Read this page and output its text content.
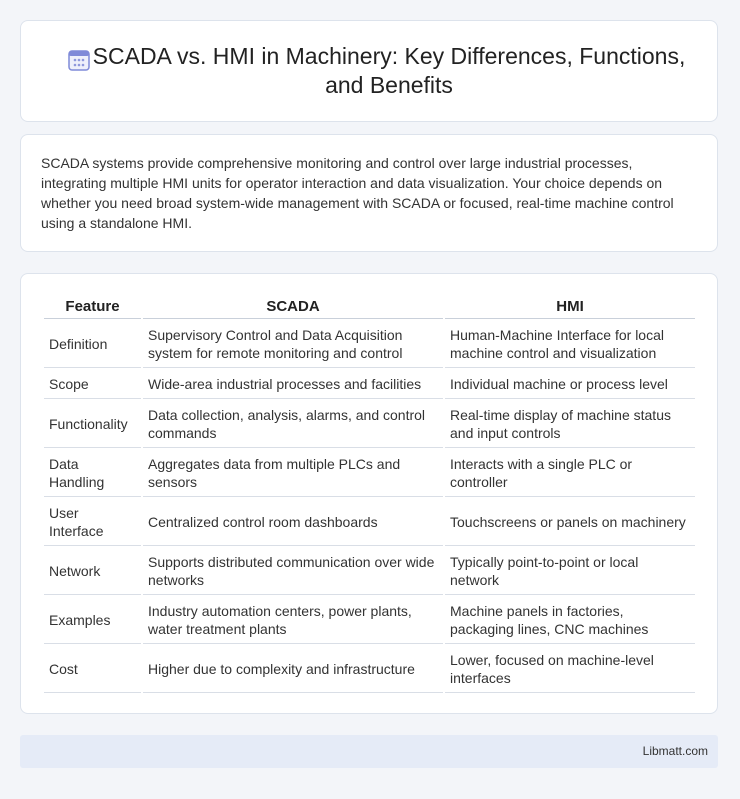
SCADA vs. HMI in Machinery: Key Differences, Functions, and Benefits

SCADA systems provide comprehensive monitoring and control over large industrial processes, integrating multiple HMI units for operator interaction and data visualization. Your choice depends on whether you need broad system-wide management with SCADA or focused, real-time machine control using a standalone HMI.

Feature	SCADA	HMI
Definition	Supervisory Control and Data Acquisition system for remote monitoring and control	Human-Machine Interface for local machine control and visualization
Scope	Wide-area industrial processes and facilities	Individual machine or process level
Functionality	Data collection, analysis, alarms, and control commands	Real-time display of machine status and input controls
Data Handling	Aggregates data from multiple PLCs and sensors	Interacts with a single PLC or controller
User Interface	Centralized control room dashboards	Touchscreens or panels on machinery
Network	Supports distributed communication over wide networks	Typically point-to-point or local network
Examples	Industry automation centers, power plants, water treatment plants	Machine panels in factories, packaging lines, CNC machines
Cost	Higher due to complexity and infrastructure	Lower, focused on machine-level interfaces
Libmatt.com
